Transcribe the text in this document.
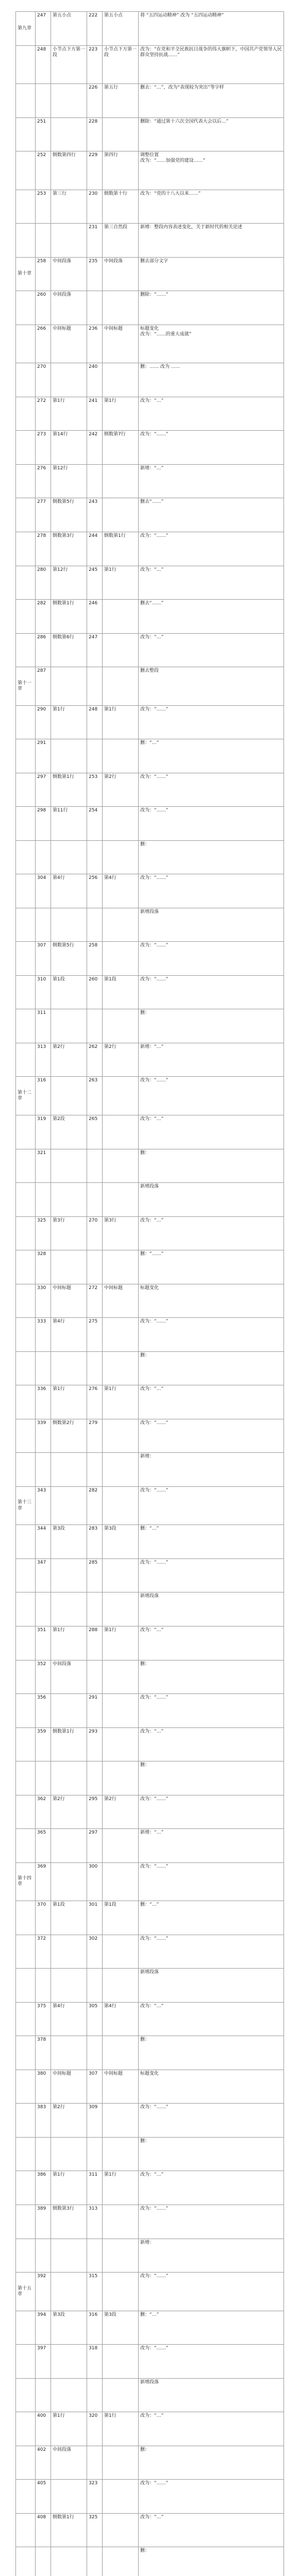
第九章	247	第五小点	222	第五小点	将 “五四运动精神” 改为 “五四运动精神”
	248	小节点下方第一段	223	小节点下方第一段	改为：“在党和平全民族抗日战争的伟大旗帜下，中国共产党领导人民群众坚持抗战……”
			226	第五行	删去：“…”，改为“表现较为突出”等字样
	251		228		删除：“通过第十六次全国代表大会以后…”
	252	倒数第四行	229	第四行	调整位置
改为：“……加强党的建设……”
	253	第三行	230	倒数第十行	改为：“党的十八大以来……”
			231	第三自然段	新增：整段内容表述变化，关于新时代的相关论述
第十章	258	中间段落	235	中间段落	删去部分文字
	260	中间段落			删除：“……”
	266	中间标题	236	中间标题	标题变化
改为：“……的重大成就”
	270		240		删：…… 改为 ……
	272	第1行	241	第1行	改为：“…”
	273	第14行	242	倒数第7行	改为：“……”
	276	第12行			新增：“…”
	277	倒数第5行	243		删去“……”
	278	倒数第3行	244	倒数第1行	改为：“……”
	280	第12行	245	第1行	改为：“…”
	282	倒数第1行	246		删去“……”
	286	倒数第6行	247		改为：“…”
第十一章	287				删去整段
	290	第1行	248	第1行	改为：“……”
	291				删：“…”
	297	倒数第1行	253	第2行	改为：“……”
	298	第11行	254		改为：“……”
					删：
	304	第4行	256	第4行	改为：“……”
					新增段落
	307	倒数第5行	258		改为：“……”
	310	第1段	260	第1段	改为：“……”
	311				删：
	313	第2行	262	第2行	新增：“…”
第十二章	316		263		改为：“……”
	319	第2段	265		改为：“…”
	321				删：
					新增段落
	325	第3行	270	第3行	改为：“…”
	328				删：“……”
	330	中间标题	272	中间标题	标题变化
	333	第4行	275		改为：“……”
					删：
	336	第1行	276	第1行	改为：“…”
	339	倒数第2行	279		改为：“……”
					新增：
第十三章	343		282		改为：“……”
	344	第3段	283	第3段	删：“…”
	347		285		改为：“……”
					新增段落
	351	第1行	288	第1行	改为：“…”
	352	中间段落			删：
	356		291		改为：“……”
	359	倒数第1行	293		改为：“…”
					删：
	362	第2行	295	第2行	改为：“……”
	365		297		新增：“…”
第十四章	369		300		改为：“……”
	370	第1段	301	第1段	删：“…”
	372		302		改为：“……”
					新增段落
	375	第4行	305	第4行	改为：“…”
	378				删：
	380	中间标题	307	中间标题	标题变化
	383	第2行	309		改为：“……”
					删：
	386	第1行	311	第1行	改为：“…”
	389	倒数第3行	313		改为：“……”
					新增：
第十五章	392		315		改为：“……”
	394	第3段	316	第3段	删：“…”
	397		318		改为：“……”
					新增段落
	400	第1行	320	第1行	改为：“…”
	402	中间段落			删：
	405		323		改为：“……”
	408	倒数第1行	325		改为：“…”
					删：
